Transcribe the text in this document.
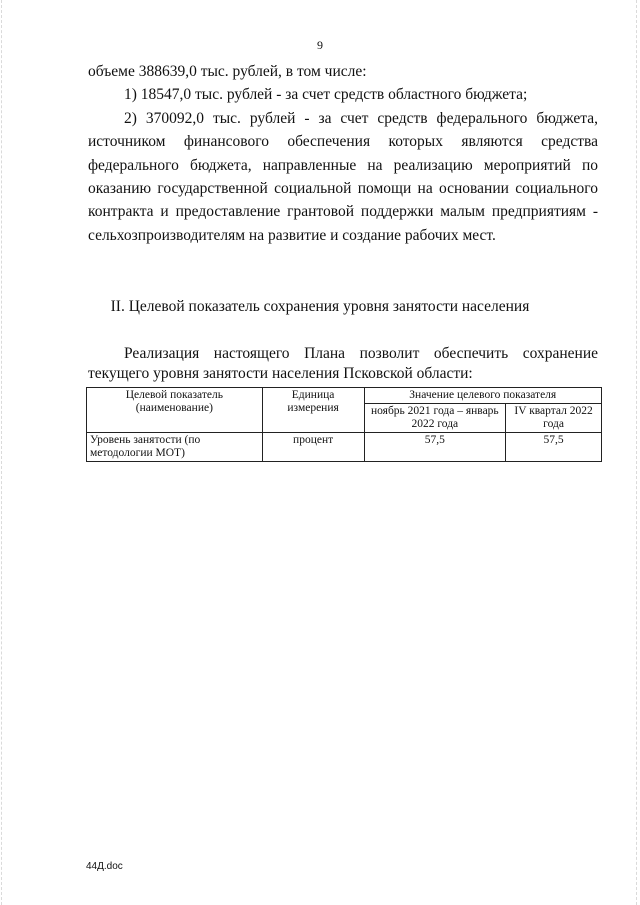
9

объеме 388639,0 тыс. рублей, в том числе:

1) 18547,0 тыс. рублей - за счет средств областного бюджета;

2) 370092,0 тыс. рублей - за счет средств федерального бюджета, источником финансового обеспечения которых являются средства федерального бюджета, направленные на реализацию мероприятий по оказанию государственной социальной помощи на основании социального контракта и предоставление грантовой поддержки малым предприятиям - сельхозпроизводителям на развитие и создание рабочих мест.

II. Целевой показатель сохранения уровня занятости населения

Реализация настоящего Плана позволит обеспечить сохранение текущего уровня занятости населения Псковской области:

Целевой показатель (наименование)	Единица измерения	Значение целевого показателя	
		ноябрь 2021 года – январь 2022 года	IV квартал 2022 года
Уровень занятости (по методологии МОТ)	процент	57,5	57,5
44Д.doc
